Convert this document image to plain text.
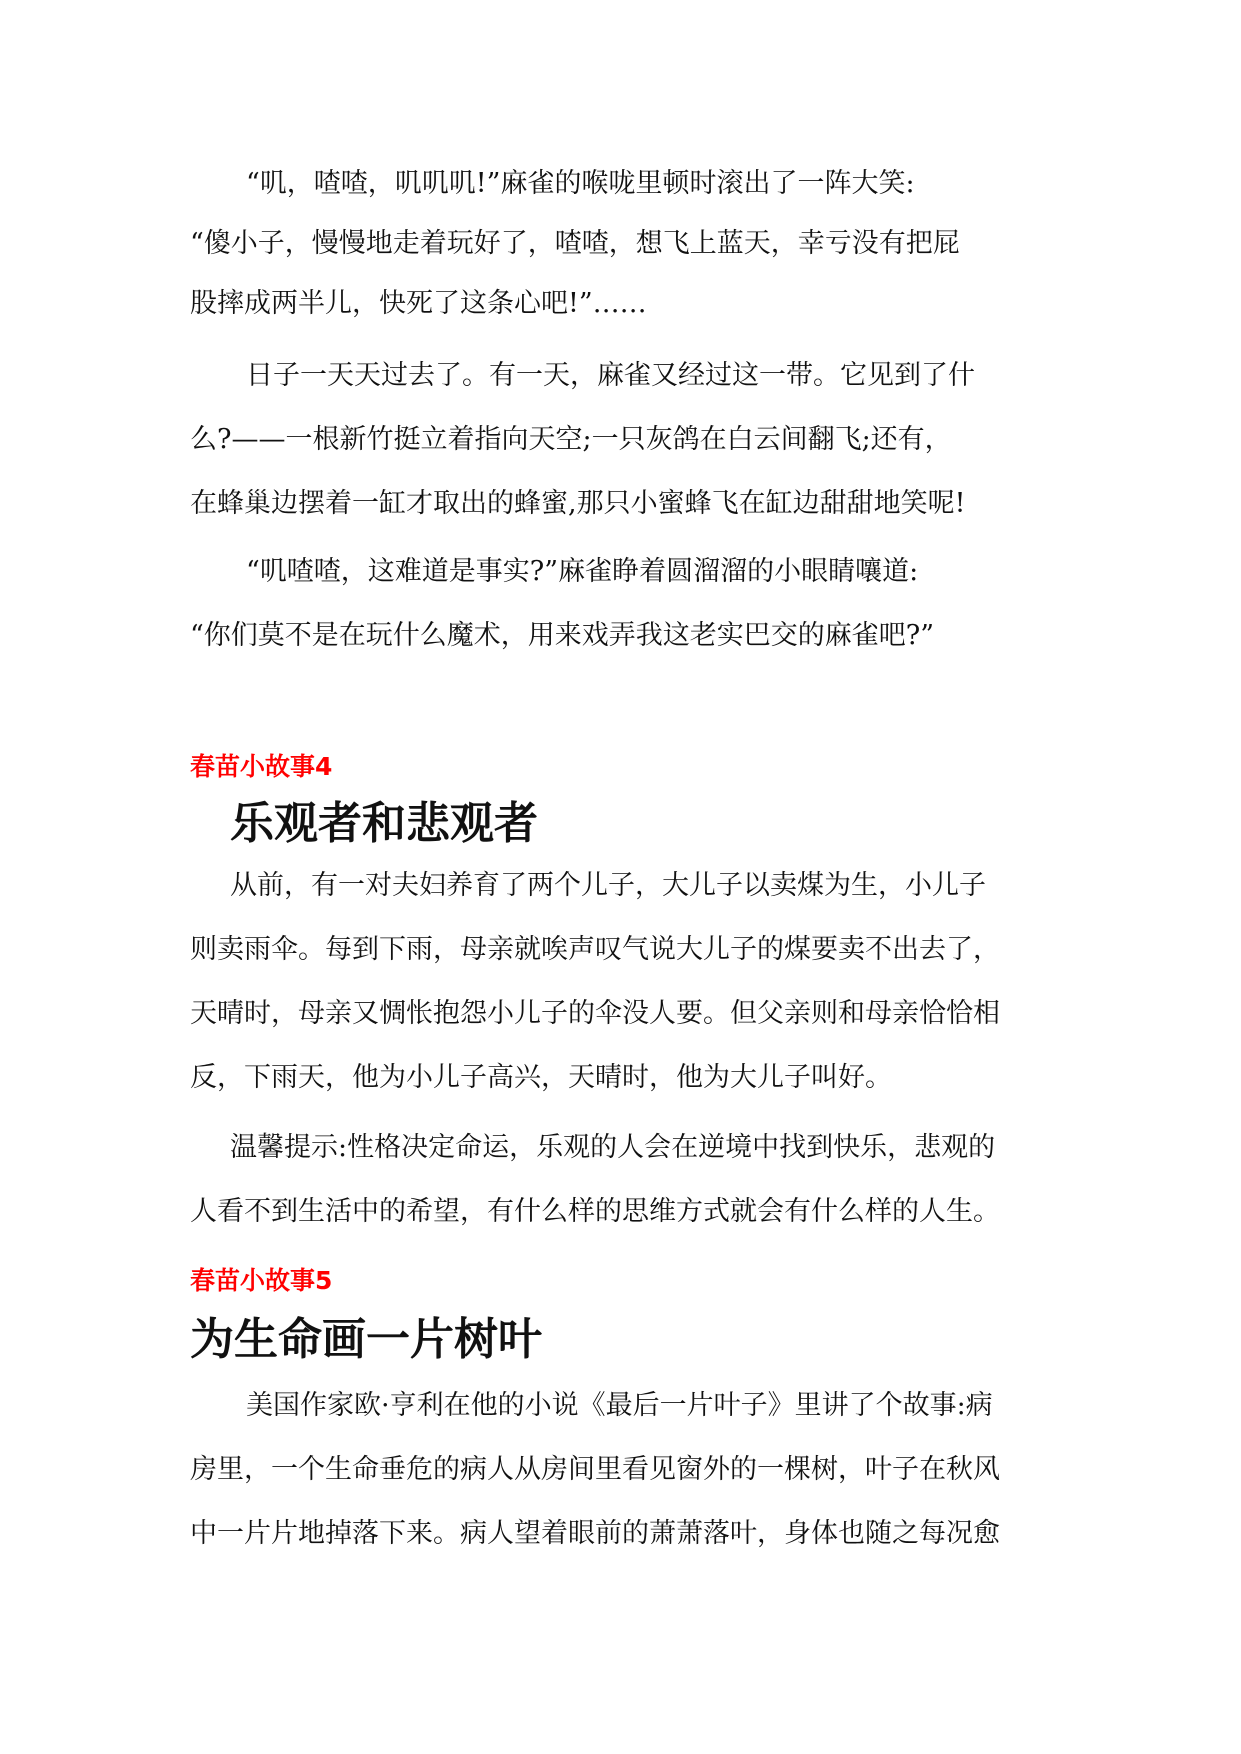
“叽，喳喳，叽叽叽!”麻雀的喉咙里顿时滚出了一阵大笑:
“傻小子，慢慢地走着玩好了，喳喳，想飞上蓝天，幸亏没有把屁
股摔成两半儿，快死了这条心吧!”……
日子一天天过去了。有一天，麻雀又经过这一带。它见到了什
么?——一根新竹挺立着指向天空;一只灰鸽在白云间翻飞;还有，
在蜂巢边摆着一缸才取出的蜂蜜,那只小蜜蜂飞在缸边甜甜地笑呢!
“叽喳喳，这难道是事实?”麻雀睁着圆溜溜的小眼睛嚷道:
“你们莫不是在玩什么魔术，用来戏弄我这老实巴交的麻雀吧?”
春苗小故事4
乐观者和悲观者
从前，有一对夫妇养育了两个儿子，大儿子以卖煤为生，小儿子
则卖雨伞。每到下雨，母亲就唉声叹气说大儿子的煤要卖不出去了，
天晴时，母亲又惆怅抱怨小儿子的伞没人要。但父亲则和母亲恰恰相
反，下雨天，他为小儿子高兴，天晴时，他为大儿子叫好。
温馨提示:性格决定命运，乐观的人会在逆境中找到快乐，悲观的
人看不到生活中的希望，有什么样的思维方式就会有什么样的人生。
春苗小故事5
为生命画一片树叶
美国作家欧·亨利在他的小说《最后一片叶子》里讲了个故事:病
房里，一个生命垂危的病人从房间里看见窗外的一棵树，叶子在秋风
中一片片地掉落下来。病人望着眼前的萧萧落叶，身体也随之每况愈
